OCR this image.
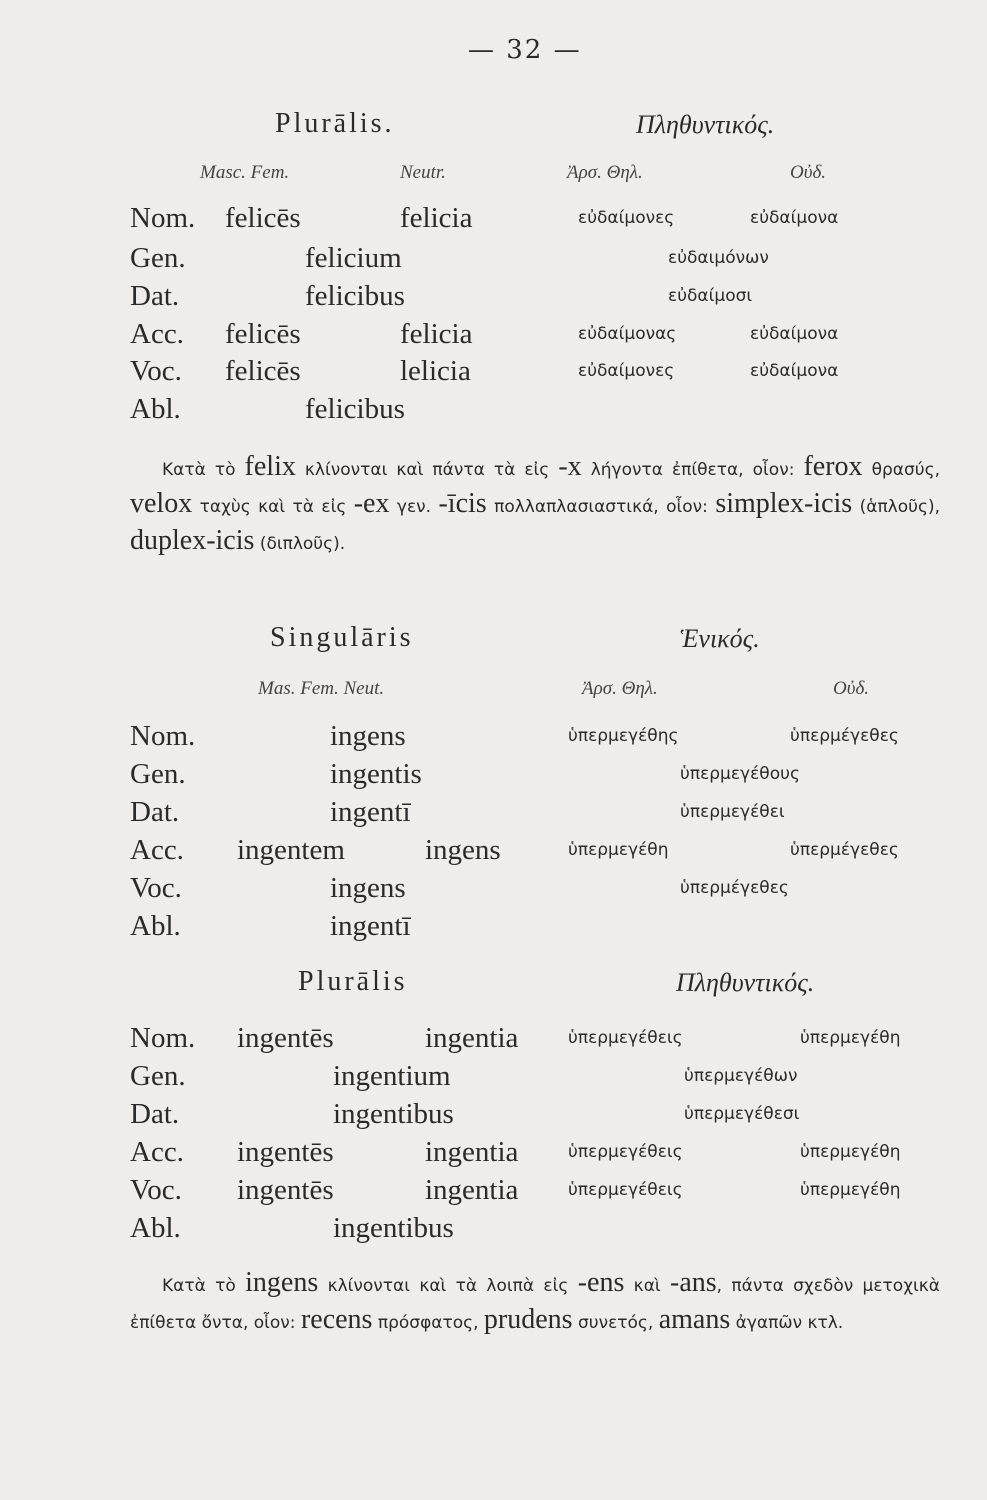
— 32 —
Plurālis.	Πληθυντικός.
Masc. Fem.	Neutr.	Ἀρσ. Θηλ.	Οὐδ.
Nom. felicēs	felicia	εὐδαίμονες	εὐδαίμονα
Gen.	felicium	εὐδαιμόνων
Dat.	felicibus	εὐδαίμοσι
Acc. felicēs	felicia	εὐδαίμονας	εὐδαίμονα
Voc. felicēs	lelicia	εὐδαίμονες	εὐδαίμονα
Abl.	felicibus
Κατὰ τὸ felix κλίνονται καὶ πάντα τὰ εἰς -x λήγοντα ἐπίθετα, οἷον: ferox θρασύς, velox ταχὺς καὶ τὰ εἰς -ex γεν. -īcis πολλαπλασιαστικά, οἷον: simplex-icis (ἁπλοῦς), duplex-icis (διπλοῦς).
Singulāris	Ἑνικός.
Mas. Fem. Neut.	Ἀρσ. Θηλ.	Οὐδ.
Nom.	ingens	ὑπερμεγέθης	ὑπερμέγεθες
Gen.	ingentis	ὑπερμεγέθους
Dat.	ingentī	ὑπερμεγέθει
Acc. ingentem	ingens	ὑπερμεγέθη	ὑπερμέγεθες
Voc.	ingens	ὑπερμέγεθες
Abl.	ingentī
Plurālis	Πληθυντικός.
Nom. ingentēs	ingentia	ὑπερμεγέθεις	ὑπερμεγέθη
Gen.	ingentium	ὑπερμεγέθων
Dat.	ingentibus	ὑπερμεγέθεσι
Acc. ingentēs	ingentia	ὑπερμεγέθεις	ὑπερμεγέθη
Voc. ingentēs	ingentia	ὑπερμεγέθεις	ὑπερμεγέθη
Abl.	ingentibus
Κατὰ τὸ ingens κλίνονται καὶ τὰ λοιπὰ εἰς -ens καὶ -ans, πάντα σχεδὸν μετοχικὰ ἐπίθετα ὄντα, οἷον: recens πρόσφατος, prudens συνετός, amans ἀγαπῶν κτλ.
